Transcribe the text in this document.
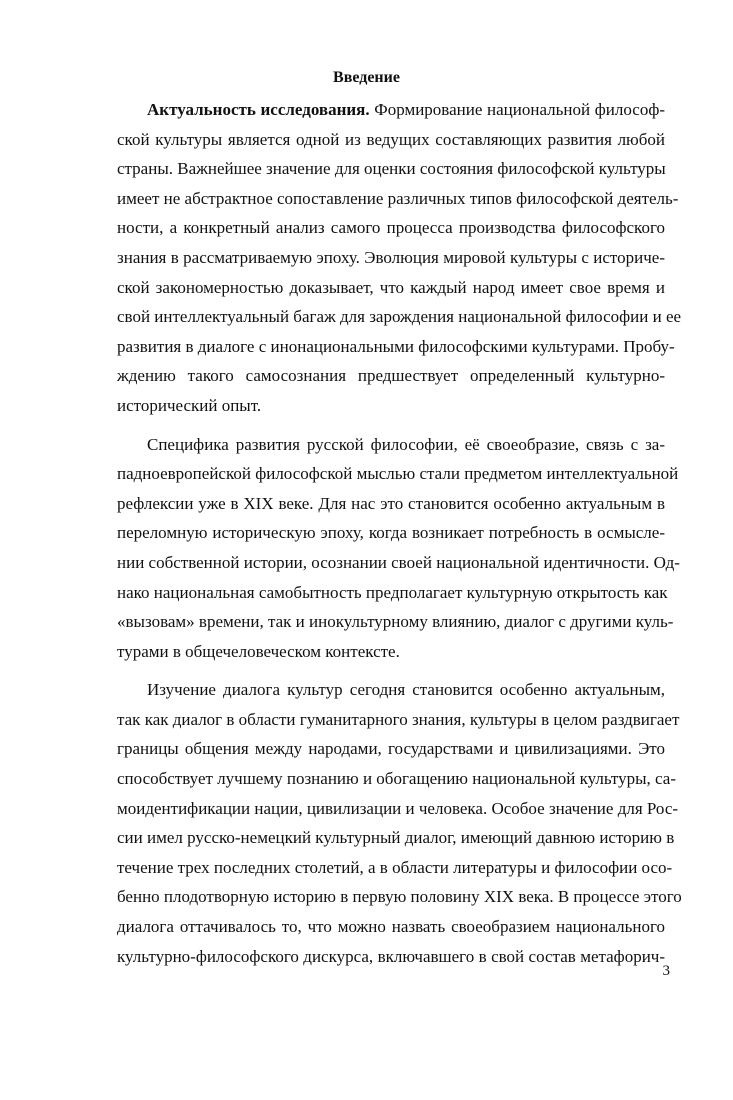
Введение
Актуальность исследования. Формирование национальной философ-
ской культуры является одной из ведущих составляющих развития любой
страны. Важнейшее значение для оценки состояния философской культуры
имеет не абстрактное сопоставление различных типов философской деятель-
ности, а конкретный анализ самого процесса производства философского
знания в рассматриваемую эпоху. Эволюция мировой культуры с историче-
ской закономерностью доказывает, что каждый народ имеет свое время и
свой интеллектуальный багаж для зарождения национальной философии и ее
развития в диалоге с инонациональными философскими культурами. Пробу-
ждению такого самосознания предшествует определенный культурно-
исторический опыт.
Специфика развития русской философии, её своеобразие, связь с за-
падноевропейской философской мыслью стали предметом интеллектуальной
рефлексии уже в XIX веке. Для нас это становится особенно актуальным в
переломную историческую эпоху, когда возникает потребность в осмысле-
нии собственной истории, осознании своей национальной идентичности. Од-
нако национальная самобытность предполагает культурную открытость как
«вызовам» времени, так и инокультурному влиянию, диалог с другими куль-
турами в общечеловеческом контексте.
Изучение диалога культур сегодня становится особенно актуальным,
так как диалог в области гуманитарного знания, культуры в целом раздвигает
границы общения между народами, государствами и цивилизациями. Это
способствует лучшему познанию и обогащению национальной культуры, са-
моидентификации нации, цивилизации и человека. Особое значение для Рос-
сии имел русско-немецкий культурный диалог, имеющий давнюю историю в
течение трех последних столетий, а в области литературы и философии осо-
бенно плодотворную историю в первую половину XIX века. В процессе этого
диалога оттачивалось то, что можно назвать своеобразием национального
культурно-философского дискурса, включавшего в свой состав метафорич-
3
